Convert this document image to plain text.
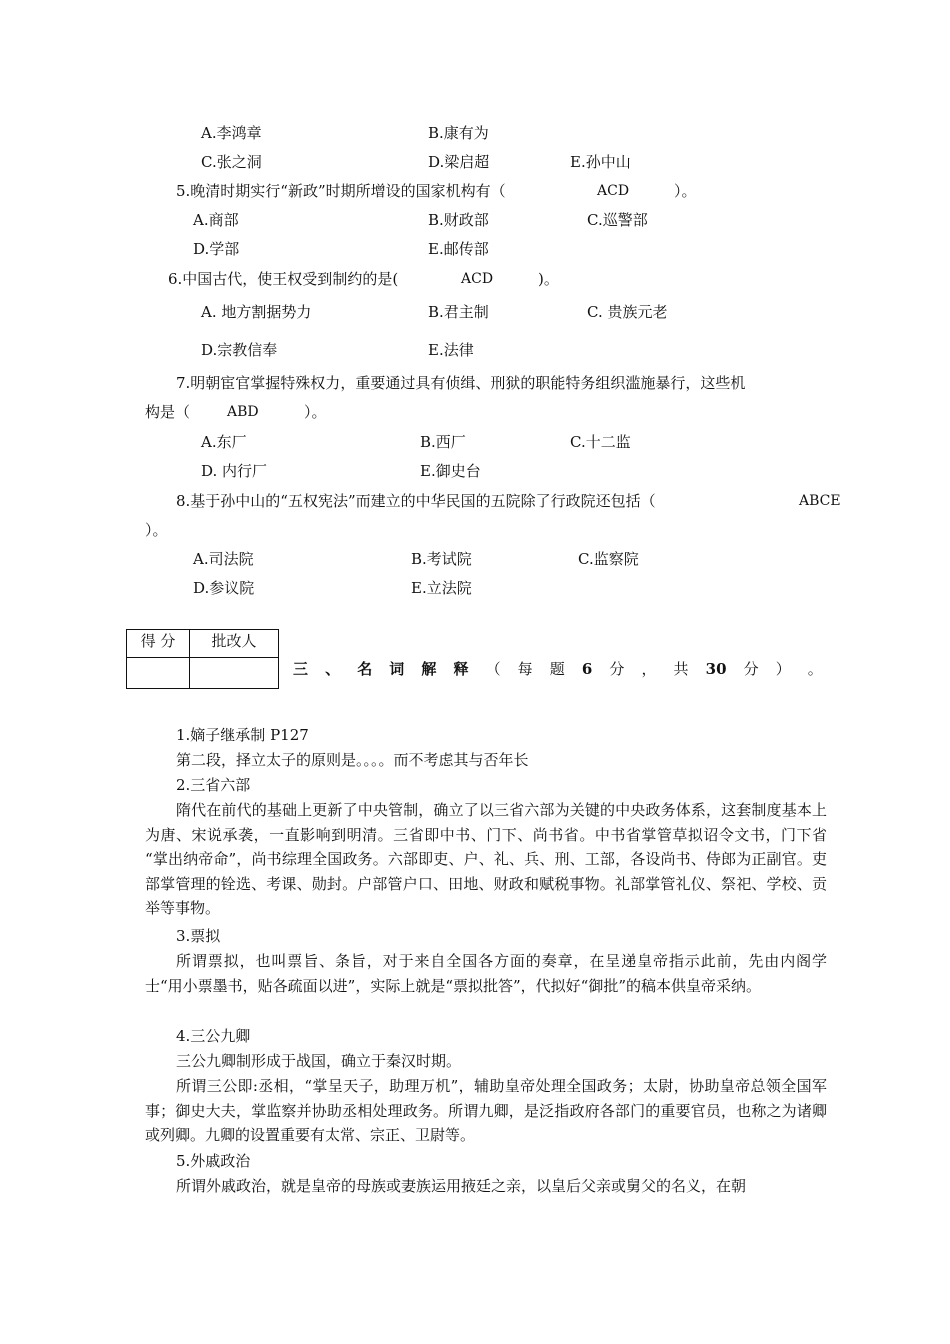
A.李鸿章	B.康有为
C.张之洞	D.梁启超	E.孙中山
5.晚清时期实行“新政”时期所增设的国家机构有（	ACD	）。
A.商部	B.财政部	C.巡警部
D.学部	E.邮传部
6.中国古代，使王权受到制约的是(	ACD	)。
A. 地方割据势力	B.君主制	C. 贵族元老
D.宗教信奉	E.法律
7.明朝宦官掌握特殊权力，重要通过具有侦缉、刑狱的职能特务组织滥施暴行，这些机
构是（	ABD	）。
A.东厂	B.西厂	C.十二监
D. 内行厂	E.御史台
8.基于孙中山的“五权宪法”而建立的中华民国的五院除了行政院还包括（	ABCE
）。
A.司法院	B.考试院	C.监察院
D.参议院	E.立法院
得 分	批改人

三 、 名 词 解 释 （ 每 题 6 分 ， 共 30 分 ） 。
1.嫡子继承制 P127
第二段，择立太子的原则是。。。。而不考虑其与否年长
2.三省六部
隋代在前代的基础上更新了中央管制，确立了以三省六部为关键的中央政务体系，这套制度基本上为唐、宋说承袭，一直影响到明清。三省即中书、门下、尚书省。中书省掌管草拟诏令文书，门下省 “掌出纳帝命”，尚书综理全国政务。六部即吏、户、礼、兵、刑、工部，各设尚书、侍郎为正副官。吏部掌管理的铨选、考课、勋封。户部管户口、田地、财政和赋税事物。礼部掌管礼仪、祭祀、学校、贡举等事物。
3.票拟
所谓票拟，也叫票旨、条旨，对于来自全国各方面的奏章，在呈递皇帝指示此前，先由内阁学士“用小票墨书，贴各疏面以进”，实际上就是“票拟批答”，代拟好“御批”的稿本供皇帝采纳。
4.三公九卿
三公九卿制形成于战国，确立于秦汉时期。
所谓三公即:丞相，“掌呈天子，助理万机”，辅助皇帝处理全国政务；太尉，协助皇帝总领全国军事；御史大夫，掌监察并协助丞相处理政务。所谓九卿，是泛指政府各部门的重要官员，也称之为诸卿或列卿。九卿的设置重要有太常、宗正、卫尉等。
5.外戚政治
所谓外戚政治，就是皇帝的母族或妻族运用掖廷之亲，以皇后父亲或舅父的名义，在朝
